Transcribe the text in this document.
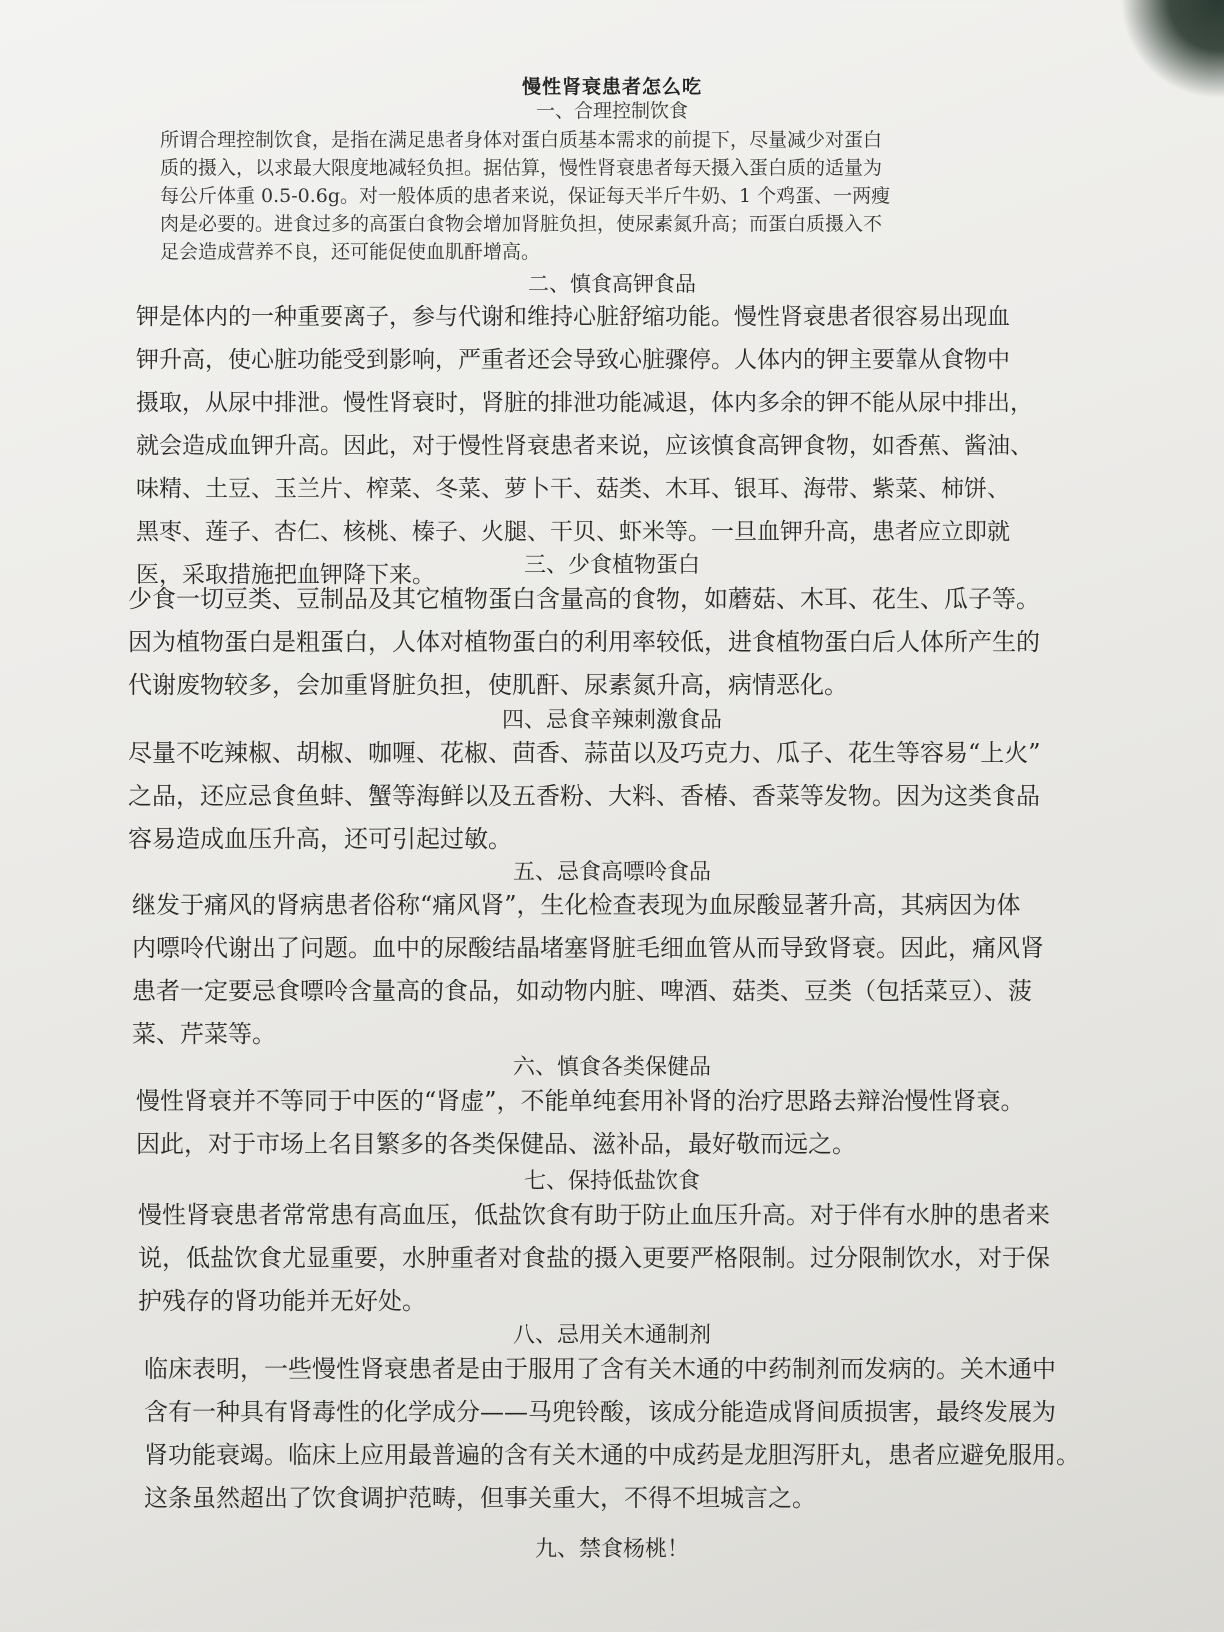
慢性肾衰患者怎么吃
一、合理控制饮食
所谓合理控制饮食，是指在满足患者身体对蛋白质基本需求的前提下，尽量减少对蛋白
质的摄入，以求最大限度地减轻负担。据估算，慢性肾衰患者每天摄入蛋白质的适量为
每公斤体重 0.5-0.6g。对一般体质的患者来说，保证每天半斤牛奶、1 个鸡蛋、一两瘦
肉是必要的。进食过多的高蛋白食物会增加肾脏负担，使尿素氮升高；而蛋白质摄入不
足会造成营养不良，还可能促使血肌酐增高。
二、慎食高钾食品
钾是体内的一种重要离子，参与代谢和维持心脏舒缩功能。慢性肾衰患者很容易出现血
钾升高，使心脏功能受到影响，严重者还会导致心脏骤停。人体内的钾主要靠从食物中
摄取，从尿中排泄。慢性肾衰时，肾脏的排泄功能减退，体内多余的钾不能从尿中排出，
就会造成血钾升高。因此，对于慢性肾衰患者来说，应该慎食高钾食物，如香蕉、酱油、
味精、土豆、玉兰片、榨菜、冬菜、萝卜干、菇类、木耳、银耳、海带、紫菜、柿饼、
黑枣、莲子、杏仁、核桃、榛子、火腿、干贝、虾米等。一旦血钾升高，患者应立即就
医，采取措施把血钾降下来。	三、少食植物蛋白
少食一切豆类、豆制品及其它植物蛋白含量高的食物，如蘑菇、木耳、花生、瓜子等。
因为植物蛋白是粗蛋白，人体对植物蛋白的利用率较低，进食植物蛋白后人体所产生的
代谢废物较多，会加重肾脏负担，使肌酐、尿素氮升高，病情恶化。
四、忌食辛辣刺激食品
尽量不吃辣椒、胡椒、咖喱、花椒、茴香、蒜苗以及巧克力、瓜子、花生等容易“上火”
之品，还应忌食鱼蚌、蟹等海鲜以及五香粉、大料、香椿、香菜等发物。因为这类食品
容易造成血压升高，还可引起过敏。
五、忌食高嘌呤食品
继发于痛风的肾病患者俗称“痛风肾”，生化检查表现为血尿酸显著升高，其病因为体
内嘌呤代谢出了问题。血中的尿酸结晶堵塞肾脏毛细血管从而导致肾衰。因此，痛风肾
患者一定要忌食嘌呤含量高的食品，如动物内脏、啤酒、菇类、豆类（包括菜豆）、菠
菜、芹菜等。
六、慎食各类保健品
慢性肾衰并不等同于中医的“肾虚”，不能单纯套用补肾的治疗思路去辩治慢性肾衰。
因此，对于市场上名目繁多的各类保健品、滋补品，最好敬而远之。
七、保持低盐饮食
慢性肾衰患者常常患有高血压，低盐饮食有助于防止血压升高。对于伴有水肿的患者来
说，低盐饮食尤显重要，水肿重者对食盐的摄入更要严格限制。过分限制饮水，对于保
护残存的肾功能并无好处。
八、忌用关木通制剂
临床表明，一些慢性肾衰患者是由于服用了含有关木通的中药制剂而发病的。关木通中
含有一种具有肾毒性的化学成分——马兜铃酸，该成分能造成肾间质损害，最终发展为
肾功能衰竭。临床上应用最普遍的含有关木通的中成药是龙胆泻肝丸，患者应避免服用。
这条虽然超出了饮食调护范畴，但事关重大，不得不坦城言之。
九、禁食杨桃！
